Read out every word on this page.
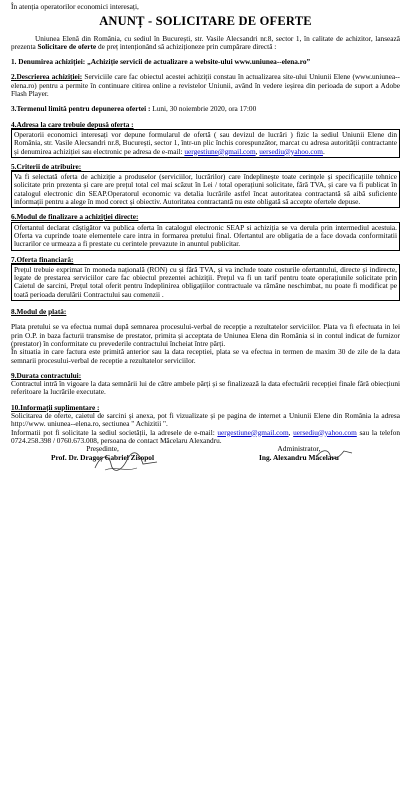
În atenția operatorilor economici interesați,

ANUNȚ - SOLICITARE DE OFERTE

Uniunea Elenă din România, cu sediul în București, str. Vasile Alecsandri nr.8, sector 1, în calitate de achizitor, lansează prezenta Solicitare de oferte de preț intenționând să achiziționeze prin cumpărare directă :

1. Denumirea achiziției: „Achiziție servicii de actualizare a website-ului www.uniunea--elena.ro”

2.Descrierea achiziției: Serviciile care fac obiectul acestei achiziții constau în actualizarea site-ului Uniunii Elene (www.uniunea--elena.ro) pentru a permite în continuare citirea online a revistelor Uniunii, având în vedere ieșirea din perioada de suport a Adobe Flash Player.

3.Termenul limită pentru depunerea ofertei : Luni, 30 noiembrie 2020, ora 17:00

4.Adresa la care trebuie depusă oferta :

Operatorii economici interesați vor depune formularul de ofertă ( sau devizul de lucrări ) fizic la sediul Uniunii Elene din România, str. Vasile Alecsandri nr.8, București, sector 1, într-un plic închis corespunzător, marcat cu adresa autorității contractante și denumirea achiziției sau electronic pe adresa de e-mail: uergestiune@gmail.com, uersediu@yahoo.com.

5.Criterii de atribuire:

Va fi selectată oferta de achiziție a produselor (serviciilor, lucrărilor) care îndeplinește toate cerințele și specificațiile tehnice solicitate prin prezenta și care are prețul total cel mai scăzut în Lei / total operațiuni solicitate, fără TVA, și care va fi publicat în catalogul electronic din SEAP.Operatorul economic va detalia lucrările astfel încat autoritatea contractantă să aibă suficiente informații pentru a alege în mod corect și obiectiv. Autoritatea contractantă nu este obligată să accepte ofertele depuse.

6.Modul de finalizare a achiziției directe:

Ofertantul declarat câștigător va publica oferta în catalogul electronic SEAP si achiziția se va derula prin intermediul acestuia. Oferta va cuprinde toate elementele care intra in formarea pretului final. Ofertantul are obligatia de a face dovada conformitatii lucrarilor ce urmeaza a fi prestate cu cerintele prevazute in anuntul publicitar.

7.Oferta financiară:

Prețul trebuie exprimat în moneda națională (RON) cu și fără TVA, și va include toate costurile ofertantului, directe și indirecte, legate de prestarea serviciilor care fac obiectul prezentei achiziții. Prețul va fi un tarif pentru toate operațiunile solicitate prin Caietul de sarcini, Prețul total oferit pentru îndeplinirea obligațiilor contractuale va rămâne neschimbat, nu poate fi modificat pe toată perioada derulării Contractului sau comenzii .

8.Modul de plată:

Plata pretului se va efectua numai după semnarea procesului-verbal de recepție a rezultatelor serviciilor. Plata va fi efectuata in lei prin O.P. in baza facturii transmise de prestator, primita și acceptata de Uniunea Elena din România si in contul indicat de furnizor (prestator) în conformitate cu prevederile contractului încheiat între părți.

În situatia in care factura este primită anterior sau la data receptiei, plata se va efectua in termen de maxim 30 de zile de la data semnarii procesului-verbal de receptie a rezultatelor serviciilor.

9.Durata contractului:

Contractul intră în vigoare la data semnării lui de către ambele părți și se finalizează la data efectuării recepției finale fără obiecțiuni referitoare la lucrările executate.

10.Informații suplimentare :

Solicitarea de oferte, caietul de sarcini și anexa, pot fi vizualizate și pe pagina de internet a Uniunii Elene din România la adresa http://www. uniunea--elena.ro, sectiunea " Achizitii ".

Informatii pot fi solicitate la sediul societății, la adresele de e-mail: uergestiune@gmail.com, uersediu@yahoo.com sau la telefon 0724.258.398 / 0760.673.008, persoana de contact Măcelaru Alexandru.

Președinte,
Prof. Dr. Dragoș Gabriel Zisopol
Administrator,
Ing. Alexandru Măcelaru
